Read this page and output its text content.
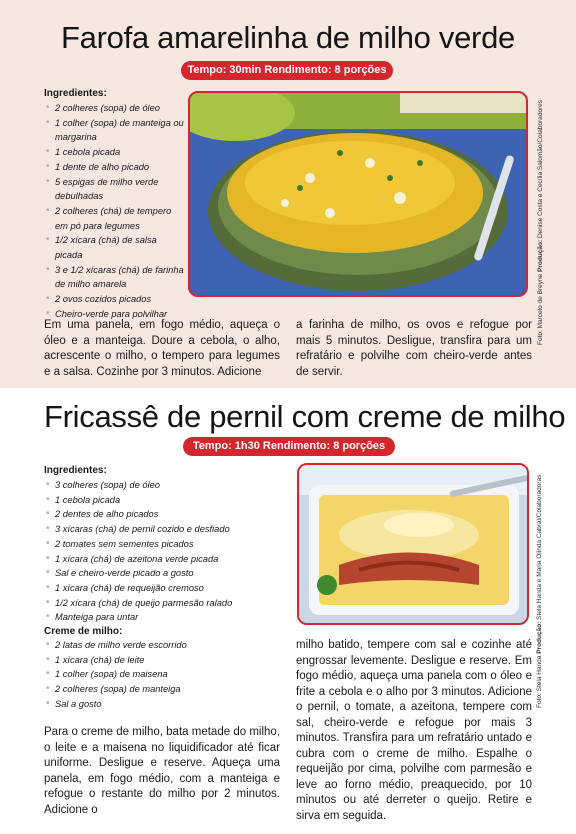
Farofa amarelinha de milho verde
Tempo: 30min Rendimento: 8 porções
Ingredientes:
• 2 colheres (sopa) de óleo
• 1 colher (sopa) de manteiga ou margarina
• 1 cebola picada
• 1 dente de alho picado
• 5 espigas de milho verde debulhadas
• 2 colheres (chá) de tempero em pó para legumes
• 1/2 xícara (chá) de salsa picada
• 3 e 1/2 xícaras (chá) de farinha de milho amarela
• 2 ovos cozidos picados
• Cheiro-verde para polvilhar	Foto: Marcelo de Breyne Produção: Denise Costa e Cecília Salomão/Colaboradores
Em uma panela, em fogo médio, aqueça o óleo e a manteiga. Doure a cebola, o alho, acrescente o milho, o tempero para legumes e a salsa. Cozinhe por 3 minutos. Adicione
a farinha de milho, os ovos e refogue por mais 5 minutos. Desligue, transfira para um refratário e polvilhe com cheiro-verde antes de servir.
Fricassê de pernil com creme de milho
Tempo: 1h30 Rendimento: 8 porções
Ingredientes:
• 3 colheres (sopa) de óleo
• 1 cebola picada
• 2 dentes de alho picados
• 3 xícaras (chá) de pernil cozido e desfiado
• 2 tomates sem sementes picados
• 1 xícara (chá) de azeitona verde picada
• Sal e cheiro-verde picado a gosto
• 1 xícara (chá) de requeijão cremoso
• 1/2 xícara (chá) de queijo parmesão ralado
• Manteiga para untar
Creme de milho:
• 2 latas de milho verde escorrido
• 1 xícara (chá) de leite
• 1 colher (sopa) de maisena
• 2 colheres (sopa) de manteiga
• Sal a gosto	Foto: Stela Handa Produção: Stela Handa e Maria Olinda Cabral/Colaboradoras
Para o creme de milho, bata metade do milho, o leite e a maisena no liquidificador até ficar uniforme. Desligue e reserve. Aqueça uma panela, em fogo médio, com a manteiga e refogue o restante do milho por 2 minutos. Adicione o
milho batido, tempere com sal e cozinhe até engrossar levemente. Desligue e reserve. Em fogo médio, aqueça uma panela com o óleo e frite a cebola e o alho por 3 minutos. Adicione o pernil, o tomate, a azeitona, tempere com sal, cheiro-verde e refogue por mais 3 minutos. Transfira para um refratário untado e cubra com o creme de milho. Espalhe o requeijão por cima, polvilhe com parmesão e leve ao forno médio, preaquecido, por 10 minutos ou até derreter o queijo. Retire e sirva em seguida.
